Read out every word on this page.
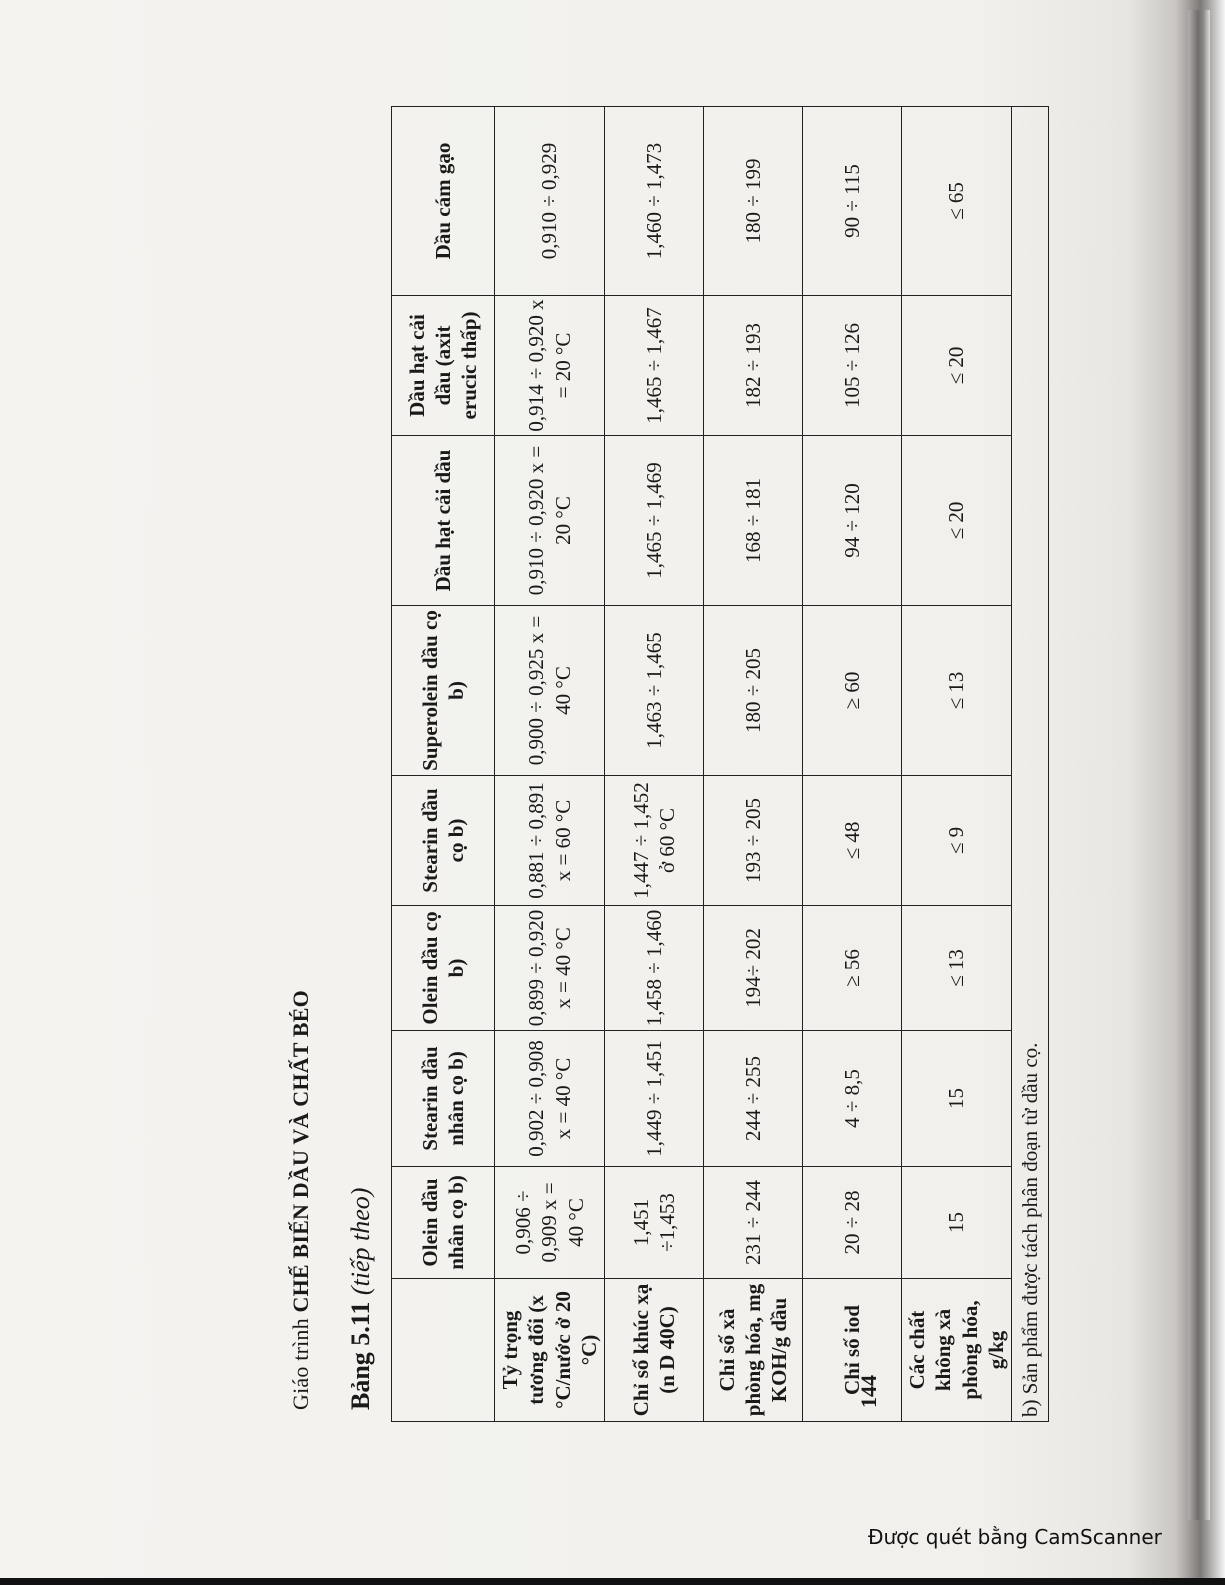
Giáo trình CHẾ BIẾN DẦU VÀ CHẤT BÉO
Bảng 5.11 (tiếp theo)
	Olein dầu nhân cọ b)	Stearin dầu nhân cọ b)	Olein dầu cọ b)	Stearin dầu cọ b)	Superolein dầu cọ b)	Dầu hạt cải dầu	Dầu hạt cải dầu (axit erucic thấp)	Dầu cám gạo
Tỷ trọng tương đối (x °C/nước ở 20 °C)	0,906 ÷ 0,909 x = 40 °C	0,902 ÷ 0,908 x = 40 °C	0,899 ÷ 0,920 x = 40 °C	0,881 ÷ 0,891 x = 60 °C	0,900 ÷ 0,925 x = 40 °C	0,910 ÷ 0,920 x = 20 °C	0,914 ÷ 0,920 x = 20 °C	0,910 ÷ 0,929
Chỉ số khúc xạ (n D 40C)	1,451 ÷1,453	1,449 ÷ 1,451	1,458 ÷ 1,460	1,447 ÷ 1,452 ở 60 °C	1,463 ÷ 1,465	1,465 ÷ 1,469	1,465 ÷ 1,467	1,460 ÷ 1,473
Chỉ số xà phòng hóa, mg KOH/g dầu	231 ÷ 244	244 ÷ 255	194÷ 202	193 ÷ 205	180 ÷ 205	168 ÷ 181	182 ÷ 193	180 ÷ 199
Chỉ số iod	20 ÷ 28	4 ÷ 8,5	≥ 56	≤ 48	≥ 60	94 ÷ 120	105 ÷ 126	90 ÷ 115
Các chất không xà phòng hóa, g/kg	15	15	≤ 13	≤ 9	≤ 13	≤ 20	≤ 20	≤ 65
b) Sản phẩm được tách phân đoạn từ dầu cọ.								
144
Được quét bằng CamScanner
